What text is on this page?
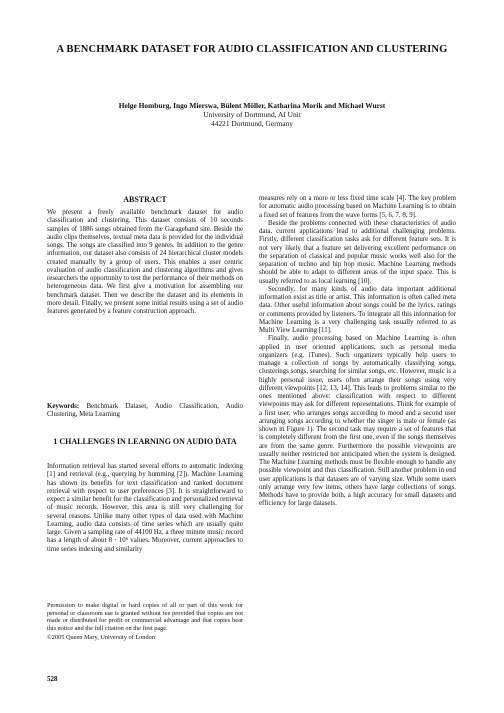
A BENCHMARK DATASET FOR AUDIO CLASSIFICATION AND CLUSTERING
Helge Homburg, Ingo Mierswa, Bülent Möller, Katharina Morik and Michael Wurst
University of Dortmund, AI Unit
44221 Dortmund, Germany
ABSTRACT

We present a freely available benchmark dataset for audio classification and clustering. This dataset consists of 10 seconds samples of 1886 songs obtained from the Garageband site. Beside the audio clips themselves, textual meta data is provided for the individual songs. The songs are classified into 9 genres. In addition to the genre information, our dataset also consists of 24 hierarchical cluster models created manually by a group of users. This enables a user centric evaluation of audio classification and clustering algorithms and gives researchers the opportunity to test the performance of their methods on heterogeneous data. We first give a motivation for assembling our benchmark dataset. Then we describe the dataset and its elements in more detail. Finally, we present some initial results using a set of audio features generated by a feature construction approach.

Keywords: Benchmark Dataset, Audio Classification, Audio Clustering, Meta Learning
1 CHALLENGES IN LEARNING ON AUDIO DATA

Information retrieval has started several efforts to automatic indexing [1] and retrieval (e.g., querying by humming [2]). Machine Learning has shown its benefits for text classification and ranked document retrieval with respect to user preferences [3]. It is straightforward to expect a similar benefit for the classification and personalized retrieval of music records. However, this area is still very challenging for several reasons. Unlike many other types of data used with Machine Learning, audio data consists of time series which are usually quite large. Given a sampling rate of 44100 Hz, a three minute music record has a length of about 8 · 10⁶ values. Moreover, current approaches to time series indexing and similarity

Permission to make digital or hard copies of all or part of this work for personal or classroom use is granted without fee provided that copies are not made or distributed for profit or commercial advantage and that copies bear this notice and the full citation on the first page.
©2005 Queen Mary, University of London

measures rely on a more or less fixed time scale [4]. The key problem for automatic audio processing based on Machine Learning is to obtain a fixed set of features from the wave forms [5, 6, 7, 8, 9].

Beside the problems connected with these characteristics of audio data, current applications lead to additional challenging problems. Firstly, different classification tasks ask for different feature sets. It is not very likely that a feature set delivering excellent performance on the separation of classical and popular music works well also for the separation of techno and hip hop music. Machine Learning methods should be able to adapt to different areas of the input space. This is usually referred to as local learning [10].

Secondly, for many kinds of audio data important additional information exist as title or artist. This information is often called meta data. Other useful information about songs could be the lyrics, ratings or comments provided by listeners. To integrate all this information for Machine Learning is a very challenging task usually referred to as Multi View Learning [11].

Finally, audio processing based on Machine Learning is often applied in user oriented applications, such as personal media organizers (e.g. iTunes). Such organizers typically help users to manage a collection of songs by automatically classifying songs, clusterings songs, searching for similar songs, etc. However, music is a highly personal issue, users often arrange their songs using very different viewpoints [12, 13, 14]. This leads to problems similar to the ones mentioned above: classification with respect to different viewpoints may ask for different representations. Think for example of a first user, who arranges songs according to mood and a second user arranging songs according to whether the singer is male or female (as shown in Figure 1). The second task may require a set of features that is completely different from the first one, even if the songs themselves are from the same genre. Furthermore the possible viewpoints are usually neither restricted nor anticipated when the system is designed. The Machine Learning methods must be flexible enough to handle any possible viewpoint and thus classification. Still another problem in end user applications is that datasets are of varying size. While some users only arrange very few items, others have large collections of songs. Methods have to provide both, a high accuracy for small datasets and efficiency for large datasets.

528
